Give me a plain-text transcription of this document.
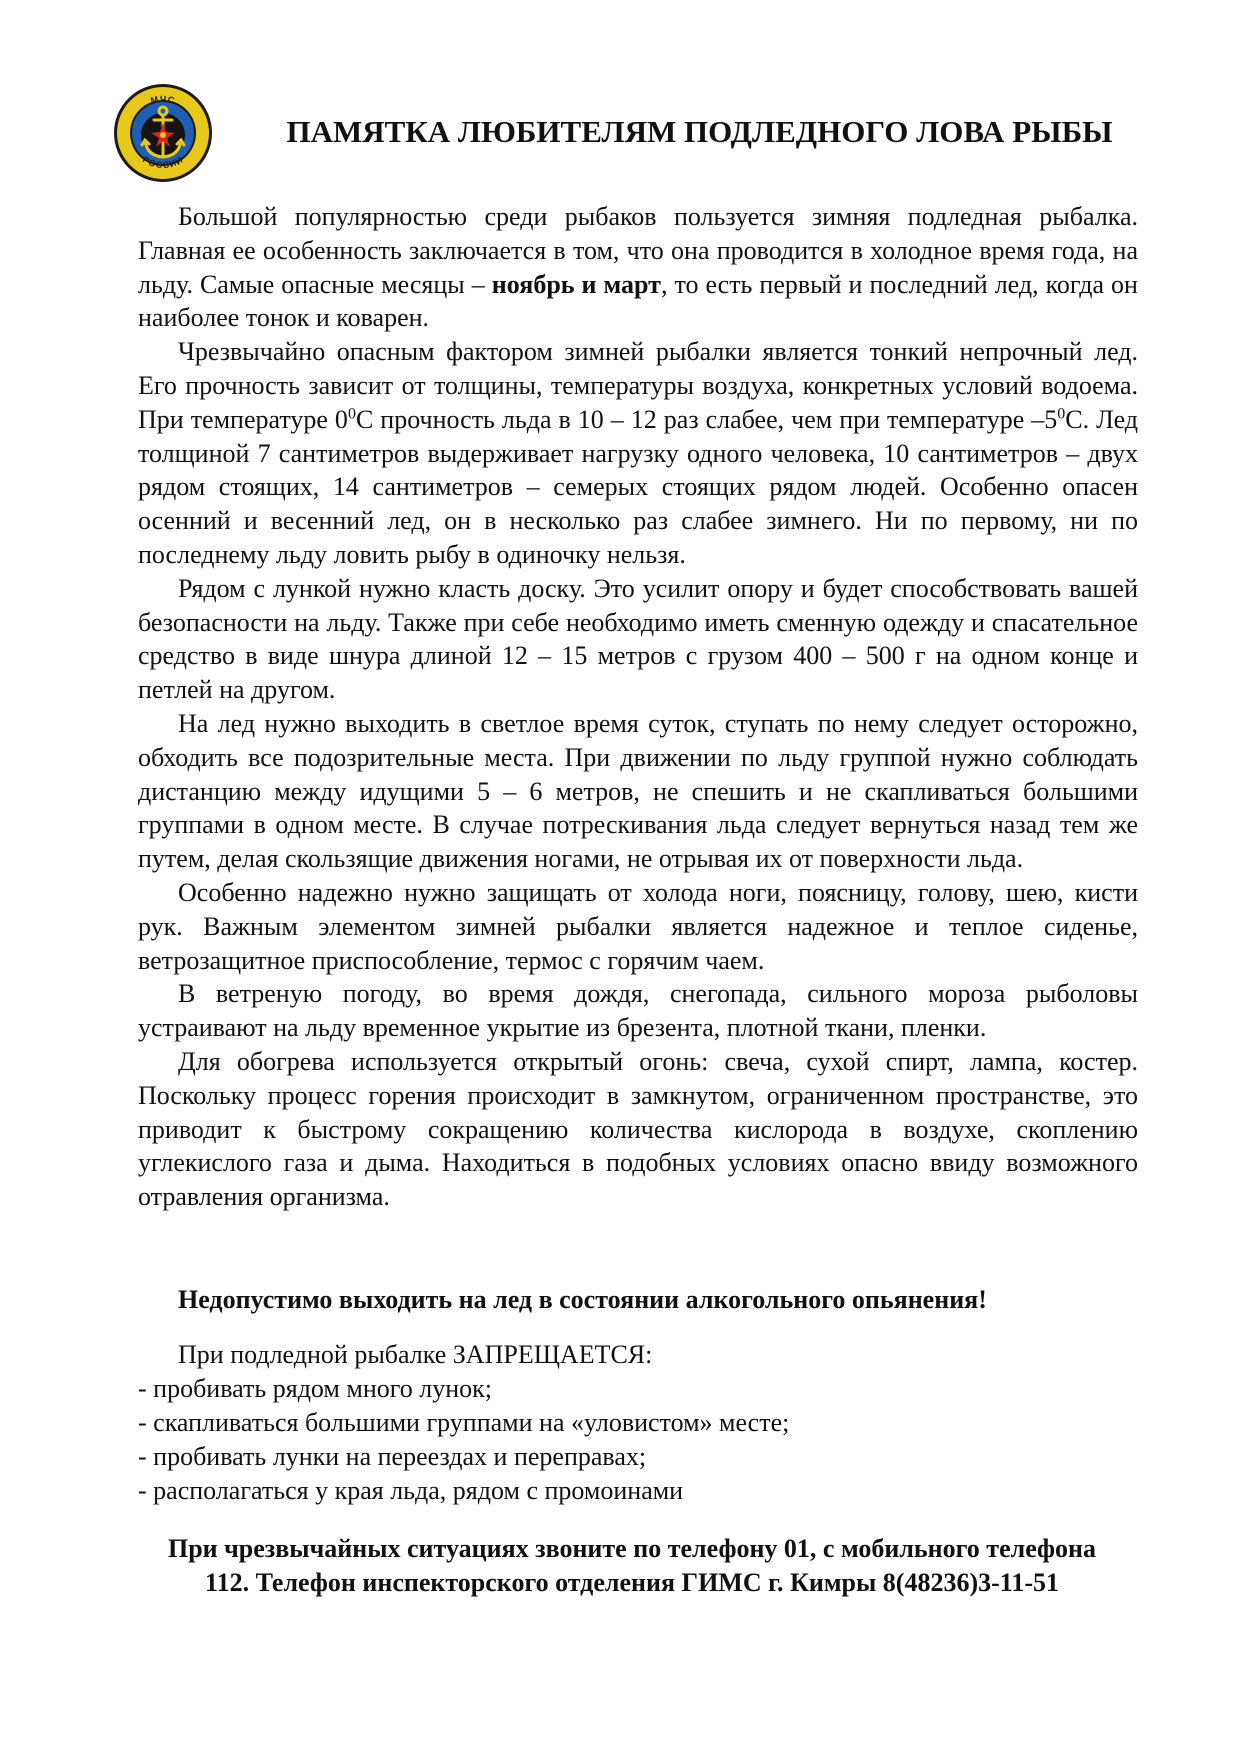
МЧС
РОССИИ
ПАМЯТКА ЛЮБИТЕЛЯМ ПОДЛЕДНОГО ЛОВА РЫБЫ

Большой популярностью среди рыбаков пользуется зимняя подледная рыбалка. Главная ее особенность заключается в том, что она проводится в холодное время года, на льду. Самые опасные месяцы – ноябрь и март, то есть первый и последний лед, когда он наиболее тонок и коварен.

Чрезвычайно опасным фактором зимней рыбалки является тонкий непрочный лед. Его прочность зависит от толщины, температуры воздуха, конкретных условий водоема. При температуре $0^0С$ прочность льда в 10 – 12 раз слабее, чем при температуре $-5^0С$. Лед толщиной 7 сантиметров выдерживает нагрузку одного человека, 10 сантиметров – двух рядом стоящих, 14 сантиметров – семерых стоящих рядом людей. Особенно опасен осенний и весенний лед, он в несколько раз слабее зимнего. Ни по первому, ни по последнему льду ловить рыбу в одиночку нельзя.

Рядом с лункой нужно класть доску. Это усилит опору и будет способствовать вашей безопасности на льду. Также при себе необходимо иметь сменную одежду и спасательное средство в виде шнура длиной 12 – 15 метров с грузом 400 – 500 г на одном конце и петлей на другом.

На лед нужно выходить в светлое время суток, ступать по нему следует осторожно, обходить все подозрительные места. При движении по льду группой нужно соблюдать дистанцию между идущими 5 – 6 метров, не спешить и не скапливаться большими группами в одном месте. В случае потрескивания льда следует вернуться назад тем же путем, делая скользящие движения ногами, не отрывая их от поверхности льда.

Особенно надежно нужно защищать от холода ноги, поясницу, голову, шею, кисти рук. Важным элементом зимней рыбалки является надежное и теплое сиденье, ветрозащитное приспособление, термос с горячим чаем.

В ветреную погоду, во время дождя, снегопада, сильного мороза рыболовы устраивают на льду временное укрытие из брезента, плотной ткани, пленки.

Для обогрева используется открытый огонь: свеча, сухой спирт, лампа, костер. Поскольку процесс горения происходит в замкнутом, ограниченном пространстве, это приводит к быстрому сокращению количества кислорода в воздухе, скоплению углекислого газа и дыма. Находиться в подобных условиях опасно ввиду возможного отравления организма.

Недопустимо выходить на лед в состоянии алкогольного опьянения!

При подледной рыбалке ЗАПРЕЩАЕТСЯ:

- пробивать рядом много лунок;
- скапливаться большими группами на «уловистом» месте;
- пробивать лунки на переездах и переправах;
- располагаться у края льда, рядом с промоинами
При чрезвычайных ситуациях звоните по телефону 01, с мобильного телефона
112. Телефон инспекторского отделения ГИМС г. Кимры 8(48236)3-11-51
